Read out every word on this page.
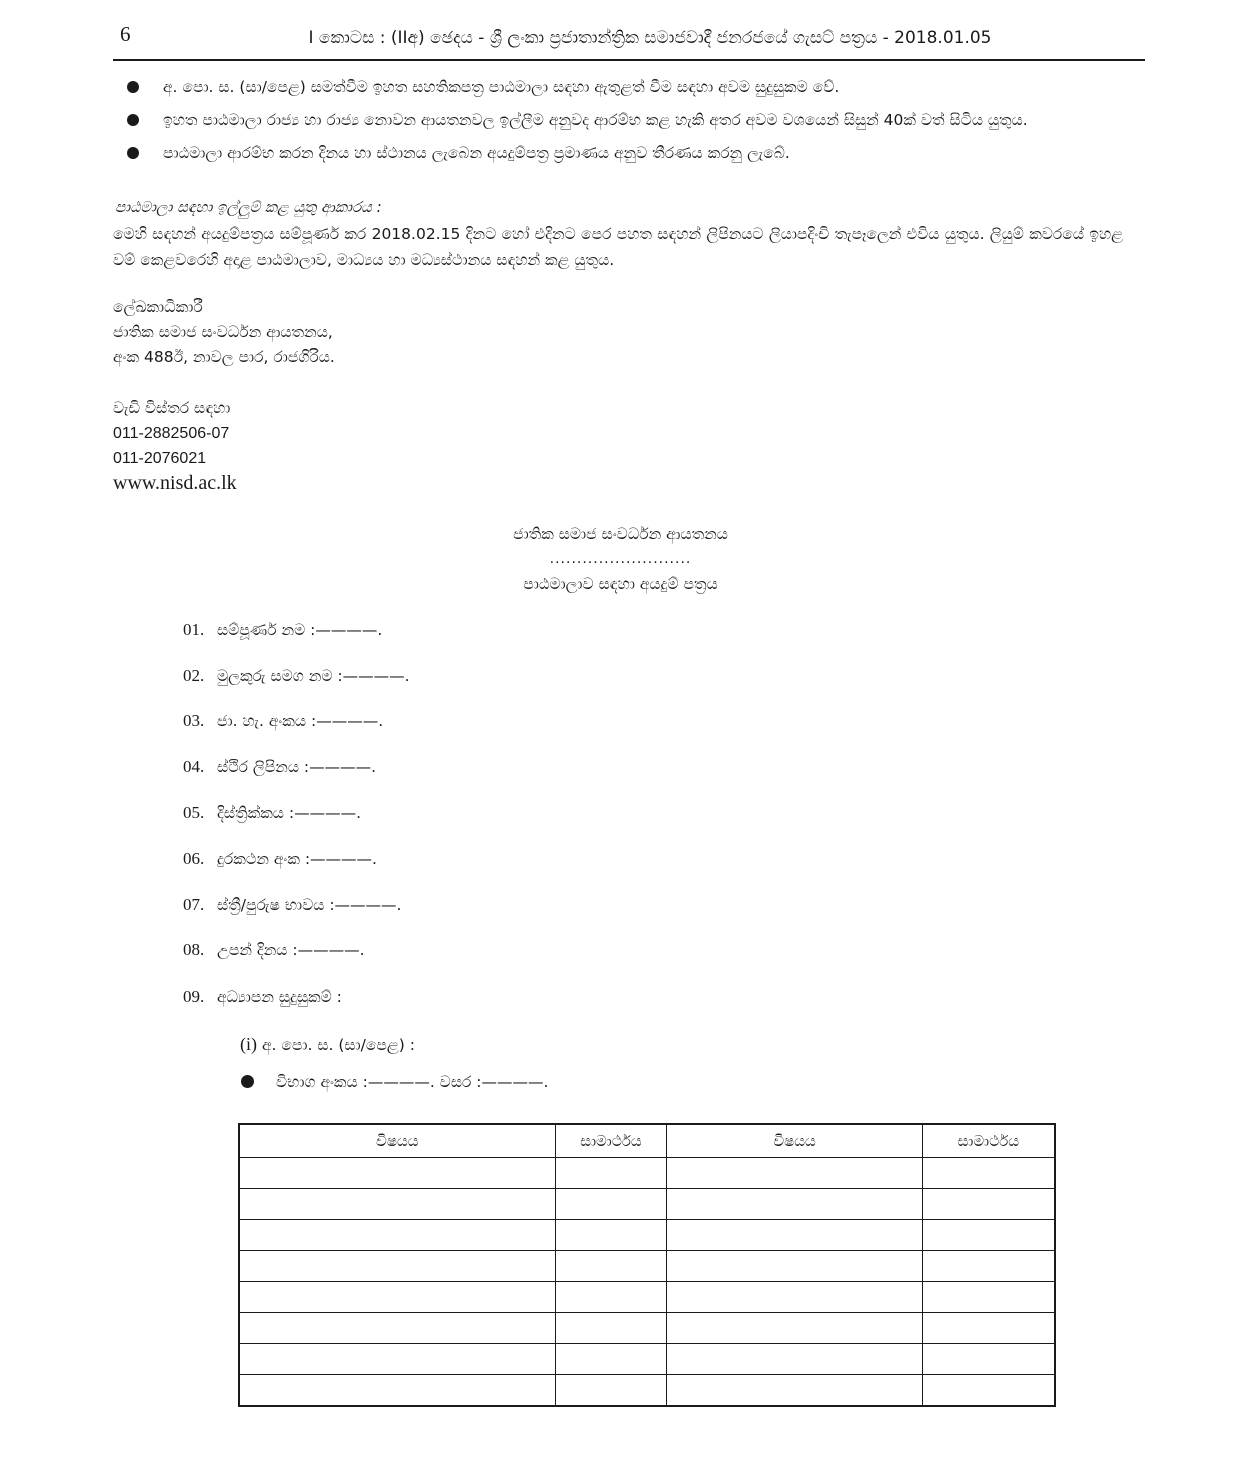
6	I කොටස : (IIඅ) ඡෙදය - ශ්‍රී ලංකා ප්‍රජාතාන්ත්‍රික සමාජවාදී ජනරජයේ ගැසට් පත්‍රය - 2018.01.05
අ. පො. ස. (සා/පෙළ) සමත්වීම ඉහත සහතිකපත්‍ර පාඨමාලා සඳහා ඇතුළත් වීම සඳහා අවම සුදුසුකම වේ.
ඉහත පාඨමාලා රාජ්‍ය හා රාජ්‍ය නොවන ආයතනවල ඉල්ලීම අනුවද ආරම්භ කළ හැකි අතර අවම වශයෙන් සිසුන් 40ක් වත් සිටිය යුතුය.
පාඨමාලා ආරම්භ කරන දිනය හා ස්ථානය ලැබෙන අයදුම්පත්‍ර ප්‍රමාණය අනුව තීරණය කරනු ලැබේ.
පාඨමාලා සඳහා ඉල්ලුම් කළ යුතු ආකාරය :
මෙහි සඳහන් අයදුම්පත්‍රය සම්පූර්ණ කර 2018.02.15 දිනට හෝ එදිනට පෙර පහත සඳහන් ලිපිනයට ලියාපදිංචි තැපෑලෙන් එවිය යුතුය. ලියුම් කවරයේ ඉහළ වම් කෙළවරෙහි අදාළ පාඨමාලාව, මාධ්‍යය හා මධ්‍යස්ථානය සඳහන් කළ යුතුය.
ලේඛකාධිකාරී
ජාතික සමාජ සංවර්ධන ආයතනය,
අංක 488ඊ, නාවල පාර, රාජගිරිය.
වැඩි විස්තර සඳහා
011-2882506-07
011-2076021
www.nisd.ac.lk
ජාතික සමාජ සංවර්ධන ආයතනය
..........................
පාඨමාලාව සඳහා අයදුම් පත්‍රය
01. සම්පූර්ණ නම :————.
02. මුලකුරු සමග නම :————.
03. ජා. හැ. අංකය :————.
04. ස්ථිර ලිපිනය :————.
05. දිස්ත්‍රික්කය :————.
06. දුරකථන අංක :————.
07. ස්ත්‍රී/පුරුෂ භාවය :————.
08. උපන් දිනය :————.
09. අධ්‍යාපන සුදුසුකම් :
(i) අ. පො. ස. (සා/පෙළ) :
විභාග අංකය :————. වසර :————.
විෂයය	සාමාර්ථය	විෂයය	සාමාර්ථය
